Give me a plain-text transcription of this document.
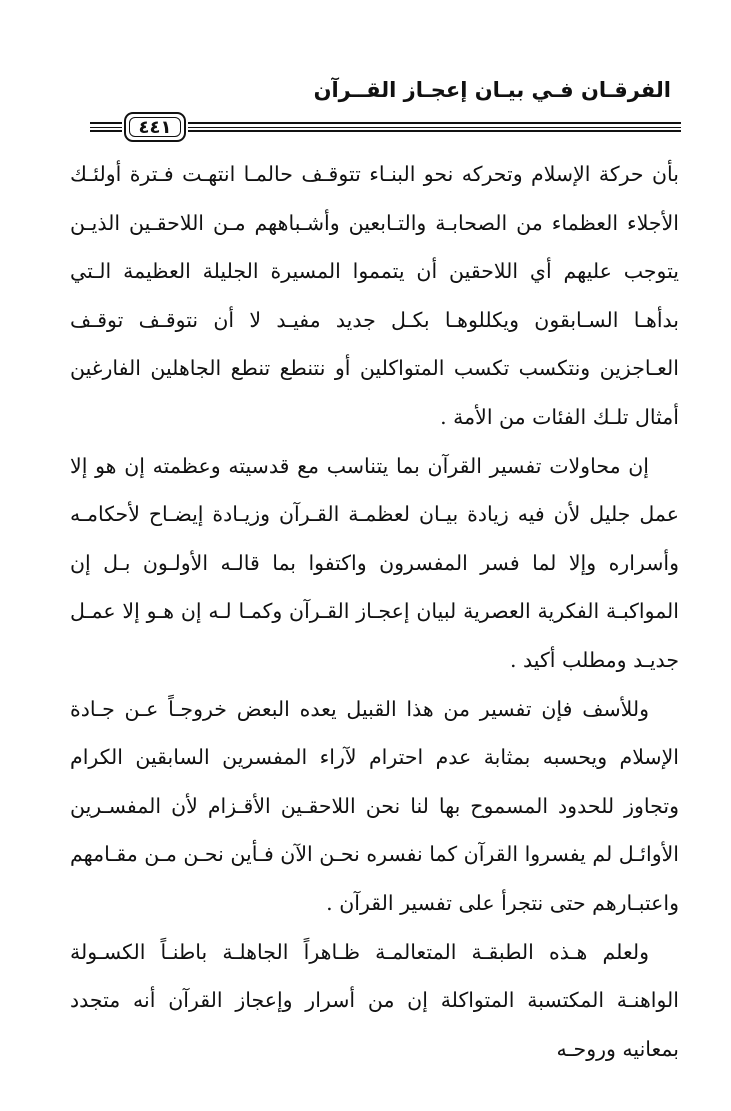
الفرقـان فـي بيـان إعجـاز القــرآن
٤٤١

بأن حركة الإسلام وتحركه نحو البنـاء تتوقـف حالمـا انتهـت فـترة أولئـك الأجلاء العظماء من الصحابـة والتـابعين وأشـباههم مـن اللاحقـين الذيـن يتوجب عليهم أي اللاحقين أن يتمموا المسيرة الجليلة العظيمة الـتي بدأهـا السـابقون ويكللوهـا بكـل جديد مفيـد لا أن نتوقـف توقـف العـاجزين ونتكسب تكسب المتواكلين أو نتنطع تنطع الجاهلين الفارغين أمثال تلـك الفئات من الأمة .

إن محاولات تفسير القرآن بما يتناسب مع قدسيته وعظمته إن هو إلا عمل جليل لأن فيه زيادة بيـان لعظمـة القـرآن وزيـادة إيضـاح لأحكامـه وأسراره وإلا لما فسر المفسرون واكتفوا بما قالـه الأولـون بـل إن المواكبـة الفكرية العصرية لبيان إعجـاز القـرآن وكمـا لـه إن هـو إلا عمـل جديـد ومطلب أكيد .

وللأسف فإن تفسير من هذا القبيل يعده البعض خروجـاً عـن جـادة الإسلام ويحسبه بمثابة عدم احترام لآراء المفسرين السابقين الكرام وتجاوز للحدود المسموح بها لنا نحن اللاحقـين الأقـزام لأن المفسـرين الأوائـل لم يفسروا القرآن كما نفسره نحـن الآن فـأين نحـن مـن مقـامهم واعتبـارهم حتى نتجرأ على تفسير القرآن .

ولعلم هـذه الطبقـة المتعالمـة ظـاهراً الجاهلـة باطنـاً الكسـولة الواهنـة المكتسبة المتواكلة إن من أسرار وإعجاز القرآن أنه متجدد بمعانيه وروحـه
